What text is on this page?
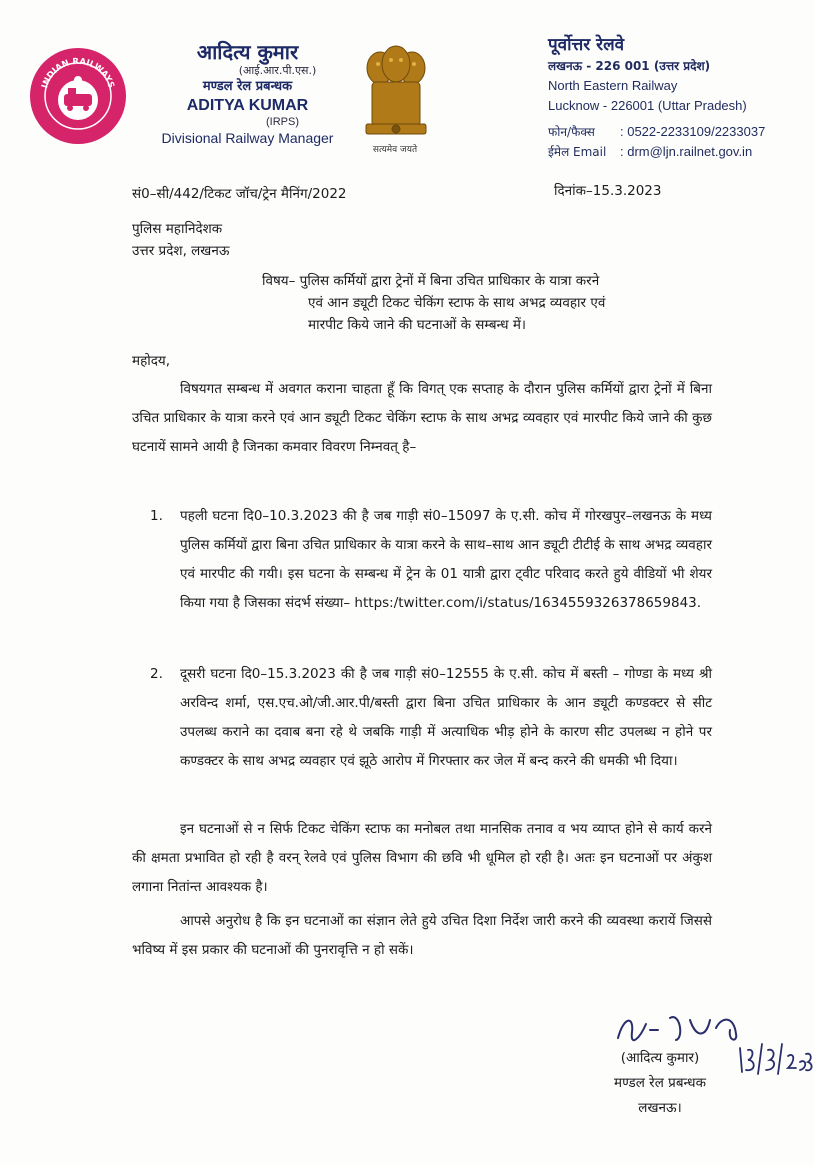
INDIAN RAILWAYS
आदित्य कुमार
(आई.आर.पी.एस.)
मण्डल रेल प्रबन्धक
ADITYA KUMAR
(IRPS)
Divisional Railway Manager
सत्यमेव जयते
पूर्वोत्तर रेलवे
लखनऊ - 226 001 (उत्तर प्रदेश)
North Eastern Railway
Lucknow - 226001 (Uttar Pradesh)
फोन/फैक्स : 0522-2233109/2233037
ईमेल Email : drm@ljn.railnet.gov.in
सं0–सी/442/टिकट जॉच/ट्रेन मैनिंग/2022	दिनांक–15.3.2023
पुलिस महानिदेशक
उत्तर प्रदेश, लखनऊ
विषय– पुलिस कर्मियों द्वारा ट्रेनों में बिना उचित प्राधिकार के यात्रा करने
एवं आन ड्यूटी टिकट चेकिंग स्टाफ के साथ अभद्र व्यवहार एवं
मारपीट किये जाने की घटनाओं के सम्बन्ध में।
महोदय,
विषयगत सम्बन्ध में अवगत कराना चाहता हूँ कि विगत् एक सप्ताह के दौरान पुलिस कर्मियों द्वारा ट्रेनों में बिना उचित प्राधिकार के यात्रा करने एवं आन ड्यूटी टिकट चेकिंग स्टाफ के साथ अभद्र व्यवहार एवं मारपीट किये जाने की कुछ घटनायें सामने आयी है जिनका कमवार विवरण निम्नवत् है–
1.	पहली घटना दि0–10.3.2023 की है जब गाड़ी सं0–15097 के ए.सी. कोच में गोरखपुर–लखनऊ के मध्य पुलिस कर्मियों द्वारा बिना उचित प्राधिकार के यात्रा करने के साथ–साथ आन ड्यूटी टीटीई के साथ अभद्र व्यवहार एवं मारपीट की गयी। इस घटना के सम्बन्ध में ट्रेन के 01 यात्री द्वारा ट्वीट परिवाद करते हुये वीडियों भी शेयर किया गया है जिसका संदर्भ संख्या– https:/twitter.com/i/status/1634559326378659843.
2.	दूसरी घटना दि0–15.3.2023 की है जब गाड़ी सं0–12555 के ए.सी. कोच में बस्ती – गोण्डा के मध्य श्री अरविन्द शर्मा, एस.एच.ओ/जी.आर.पी/बस्ती द्वारा बिना उचित प्राधिकार के आन ड्यूटी कण्डक्टर से सीट उपलब्ध कराने का दवाब बना रहे थे जबकि गाड़ी में अत्याधिक भीड़ होने के कारण सीट उपलब्ध न होने पर कण्डक्टर के साथ अभद्र व्यवहार एवं झूठे आरोप में गिरफ्तार कर जेल में बन्द करने की धमकी भी दिया।
इन घटनाओं से न सिर्फ टिकट चेकिंग स्टाफ का मनोबल तथा मानसिक तनाव व भय व्याप्त होने से कार्य करने की क्षमता प्रभावित हो रही है वरन् रेलवे एवं पुलिस विभाग की छवि भी धूमिल हो रही है। अतः इन घटनाओं पर अंकुश लगाना नितांन्त आवश्यक है।
आपसे अनुरोध है कि इन घटनाओं का संज्ञान लेते हुये उचित दिशा निर्देश जारी करने की व्यवस्था करायें जिससे भविष्य में इस प्रकार की घटनाओं की पुनरावृत्ति न हो सकें।
(आदित्य कुमार)
मण्डल रेल प्रबन्धक
लखनऊ।
